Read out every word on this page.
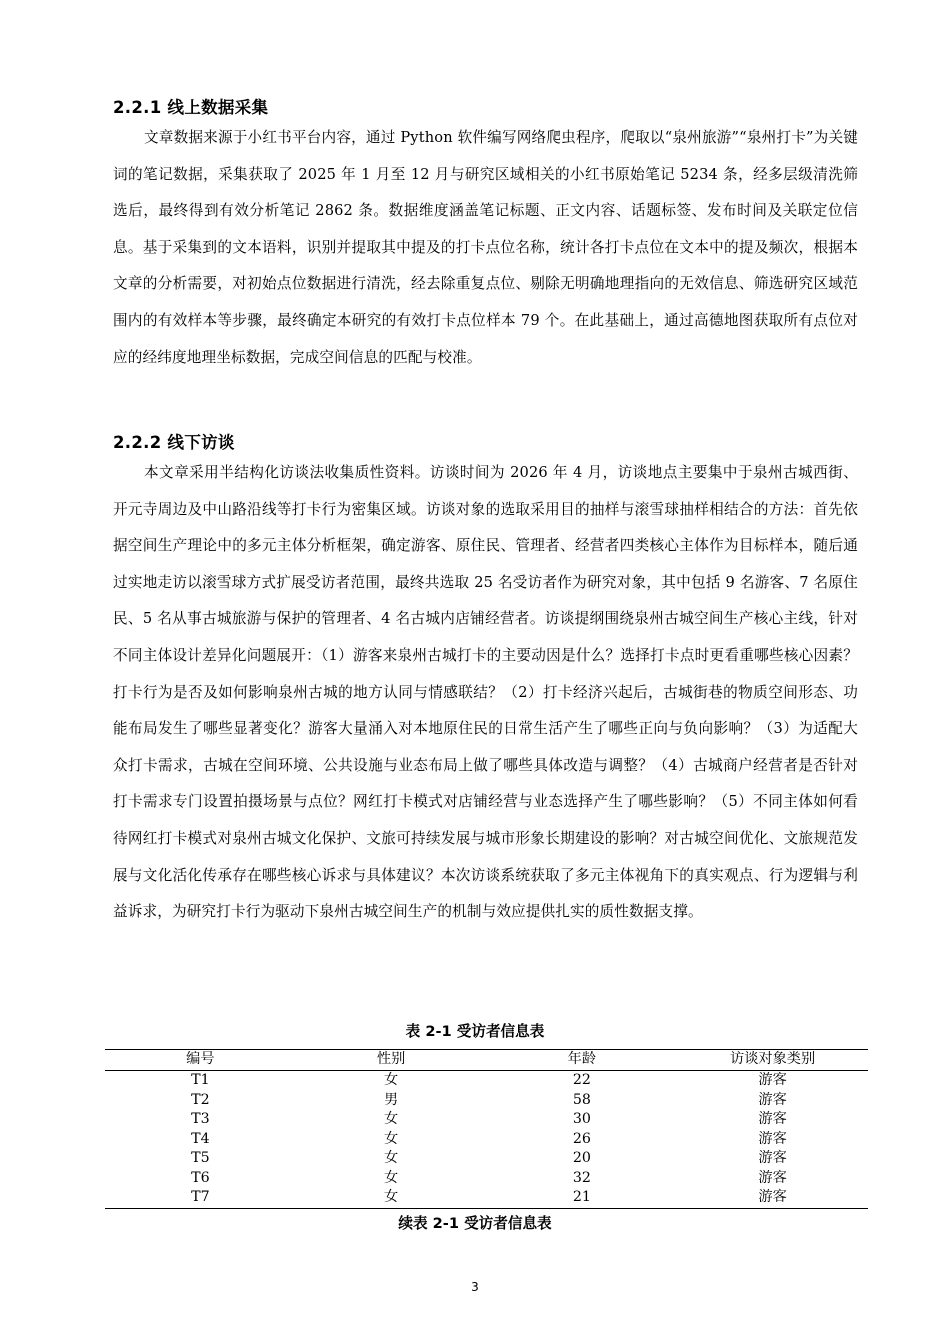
2.2.1 线上数据采集

文章数据来源于小红书平台内容，通过 Python 软件编写网络爬虫程序，爬取以“泉州旅游”“泉州打卡”为关键词的笔记数据，采集获取了 2025 年 1 月至 12 月与研究区域相关的小红书原始笔记 5234 条，经多层级清洗筛选后，最终得到有效分析笔记 2862 条。数据维度涵盖笔记标题、正文内容、话题标签、发布时间及关联定位信息。基于采集到的文本语料，识别并提取其中提及的打卡点位名称，统计各打卡点位在文本中的提及频次，根据本文章的分析需要，对初始点位数据进行清洗，经去除重复点位、剔除无明确地理指向的无效信息、筛选研究区域范围内的有效样本等步骤，最终确定本研究的有效打卡点位样本 79 个。在此基础上，通过高德地图获取所有点位对应的经纬度地理坐标数据，完成空间信息的匹配与校准。

2.2.2 线下访谈

本文章采用半结构化访谈法收集质性资料。访谈时间为 2026 年 4 月，访谈地点主要集中于泉州古城西街、开元寺周边及中山路沿线等打卡行为密集区域。访谈对象的选取采用目的抽样与滚雪球抽样相结合的方法：首先依据空间生产理论中的多元主体分析框架，确定游客、原住民、管理者、经营者四类核心主体作为目标样本，随后通过实地走访以滚雪球方式扩展受访者范围，最终共选取 25 名受访者作为研究对象，其中包括 9 名游客、7 名原住民、5 名从事古城旅游与保护的管理者、4 名古城内店铺经营者。访谈提纲围绕泉州古城空间生产核心主线，针对不同主体设计差异化问题展开：（1）游客来泉州古城打卡的主要动因是什么？选择打卡点时更看重哪些核心因素？打卡行为是否及如何影响泉州古城的地方认同与情感联结？（2）打卡经济兴起后，古城街巷的物质空间形态、功能布局发生了哪些显著变化？游客大量涌入对本地原住民的日常生活产生了哪些正向与负向影响？（3）为适配大众打卡需求，古城在空间环境、公共设施与业态布局上做了哪些具体改造与调整？（4）古城商户经营者是否针对打卡需求专门设置拍摄场景与点位？网红打卡模式对店铺经营与业态选择产生了哪些影响？（5）不同主体如何看待网红打卡模式对泉州古城文化保护、文旅可持续发展与城市形象长期建设的影响？对古城空间优化、文旅规范发展与文化活化传承存在哪些核心诉求与具体建议？本次访谈系统获取了多元主体视角下的真实观点、行为逻辑与利益诉求，为研究打卡行为驱动下泉州古城空间生产的机制与效应提供扎实的质性数据支撑。

表 2-1 受访者信息表
编号	性别	年龄	访谈对象类别
T1	女	22	游客
T2	男	58	游客
T3	女	30	游客
T4	女	26	游客
T5	女	20	游客
T6	女	32	游客
T7	女	21	游客
续表 2-1 受访者信息表
3
